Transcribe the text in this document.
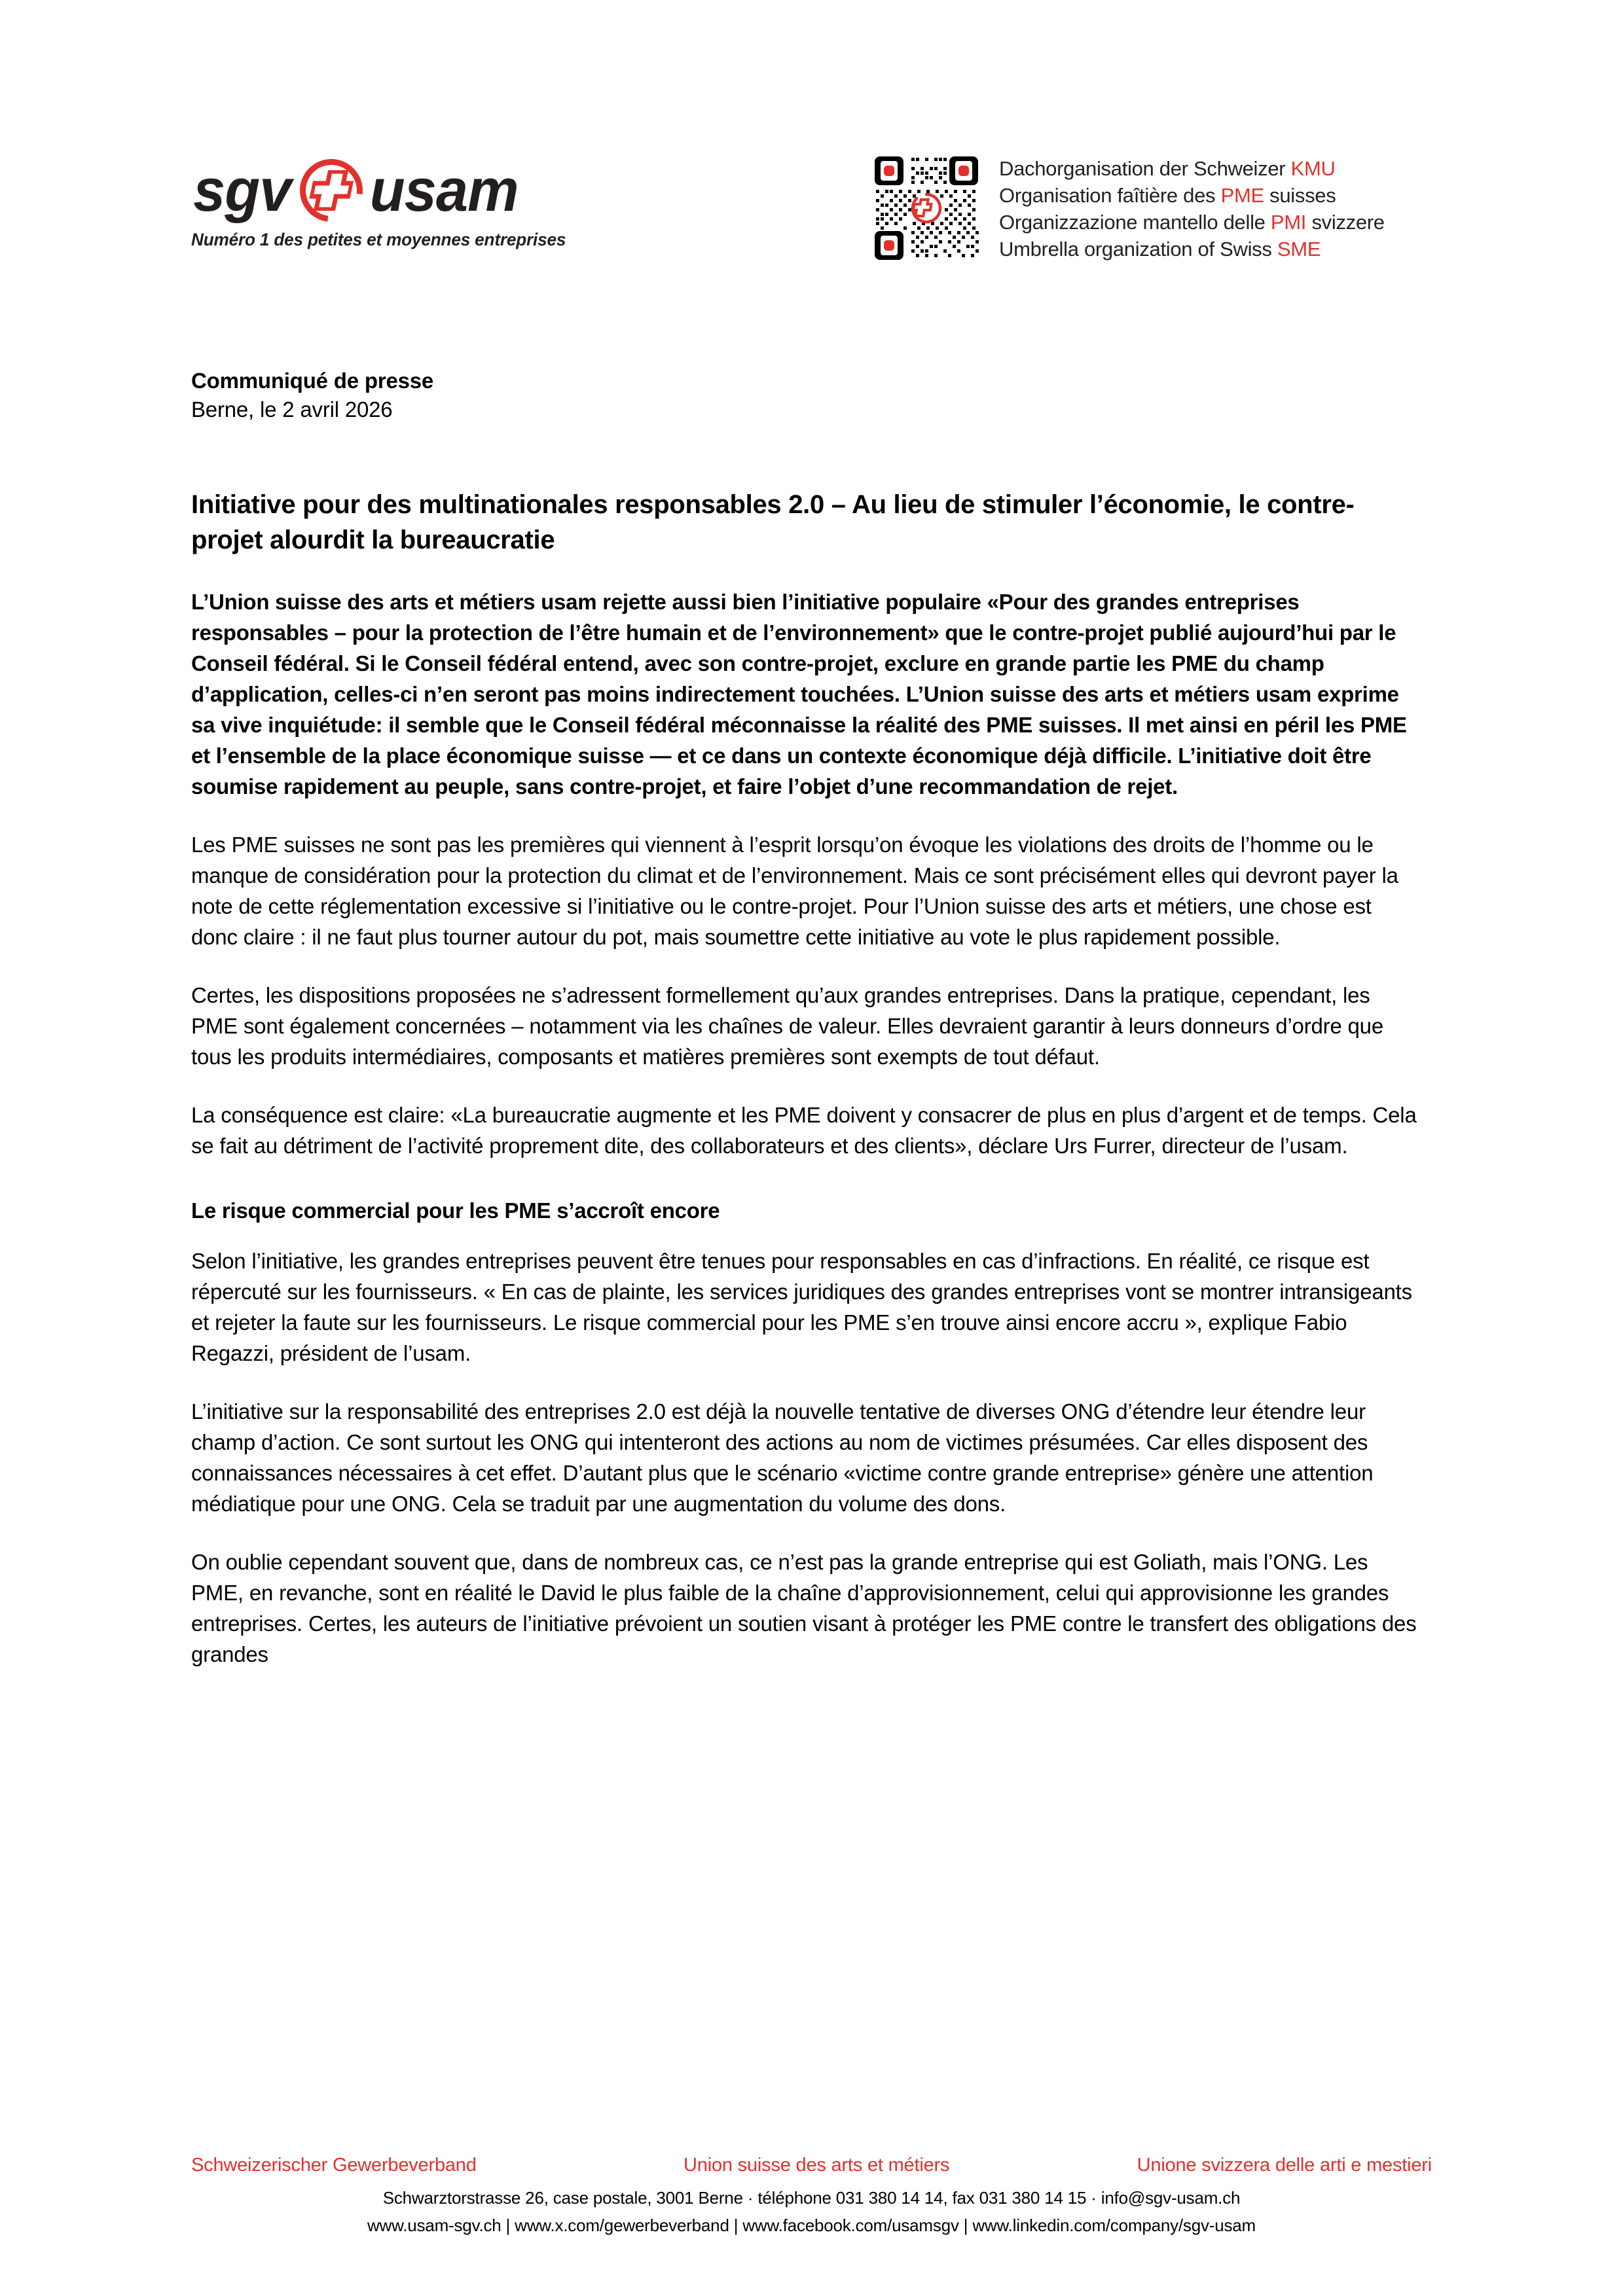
sgv usam
Numéro 1 des petites et moyennes entreprises
Dachorganisation der Schweizer KMU
Organisation faîtière des PME suisses
Organizzazione mantello delle PMI svizzere
Umbrella organization of Swiss SME
Communiqué de presse
Berne, le 2 avril 2026
Initiative pour des multinationales responsables 2.0 – Au lieu de stimuler l’économie, le contre-projet alourdit la bureaucratie

L’Union suisse des arts et métiers usam rejette aussi bien l’initiative populaire «Pour des grandes entreprises responsables – pour la protection de l’être humain et de l’environnement» que le contre-projet publié aujourd’hui par le Conseil fédéral. Si le Conseil fédéral entend, avec son contre-projet, exclure en grande partie les PME du champ d’application, celles-ci n’en seront pas moins indirectement touchées. L’Union suisse des arts et métiers usam exprime sa vive inquiétude: il semble que le Conseil fédéral méconnaisse la réalité des PME suisses. Il met ainsi en péril les PME et l’ensemble de la place économique suisse — et ce dans un contexte économique déjà difficile. L’initiative doit être soumise rapidement au peuple, sans contre-projet, et faire l’objet d’une recommandation de rejet.

Les PME suisses ne sont pas les premières qui viennent à l’esprit lorsqu’on évoque les violations des droits de l’homme ou le manque de considération pour la protection du climat et de l’environnement. Mais ce sont précisément elles qui devront payer la note de cette réglementation excessive si l’initiative ou le contre-projet. Pour l’Union suisse des arts et métiers, une chose est donc claire : il ne faut plus tourner autour du pot, mais soumettre cette initiative au vote le plus rapidement possible.

Certes, les dispositions proposées ne s’adressent formellement qu’aux grandes entreprises. Dans la pratique, cependant, les PME sont également concernées – notamment via les chaînes de valeur. Elles devraient garantir à leurs donneurs d’ordre que tous les produits intermédiaires, composants et matières premières sont exempts de tout défaut.

La conséquence est claire: «La bureaucratie augmente et les PME doivent y consacrer de plus en plus d’argent et de temps. Cela se fait au détriment de l’activité proprement dite, des collaborateurs et des clients», déclare Urs Furrer, directeur de l’usam.

Le risque commercial pour les PME s’accroît encore

Selon l’initiative, les grandes entreprises peuvent être tenues pour responsables en cas d’infractions. En réalité, ce risque est répercuté sur les fournisseurs. « En cas de plainte, les services juridiques des grandes entreprises vont se montrer intransigeants et rejeter la faute sur les fournisseurs. Le risque commercial pour les PME s’en trouve ainsi encore accru », explique Fabio Regazzi, président de l’usam.

L’initiative sur la responsabilité des entreprises 2.0 est déjà la nouvelle tentative de diverses ONG d’étendre leur étendre leur champ d’action. Ce sont surtout les ONG qui intenteront des actions au nom de victimes présumées. Car elles disposent des connaissances nécessaires à cet effet. D’autant plus que le scénario «victime contre grande entreprise» génère une attention médiatique pour une ONG. Cela se traduit par une augmentation du volume des dons.

On oublie cependant souvent que, dans de nombreux cas, ce n’est pas la grande entreprise qui est Goliath, mais l’ONG. Les PME, en revanche, sont en réalité le David le plus faible de la chaîne d’approvisionnement, celui qui approvisionne les grandes entreprises. Certes, les auteurs de l’initiative prévoient un soutien visant à protéger les PME contre le transfert des obligations des grandes

Schweizerischer Gewerbeverband	Union suisse des arts et métiers	Unione svizzera delle arti e mestieri
Schwarztorstrasse 26, case postale, 3001 Berne · téléphone 031 380 14 14, fax 031 380 14 15 · info@sgv-usam.ch
www.usam-sgv.ch | www.x.com/gewerbeverband | www.facebook.com/usamsgv | www.linkedin.com/company/sgv-usam
